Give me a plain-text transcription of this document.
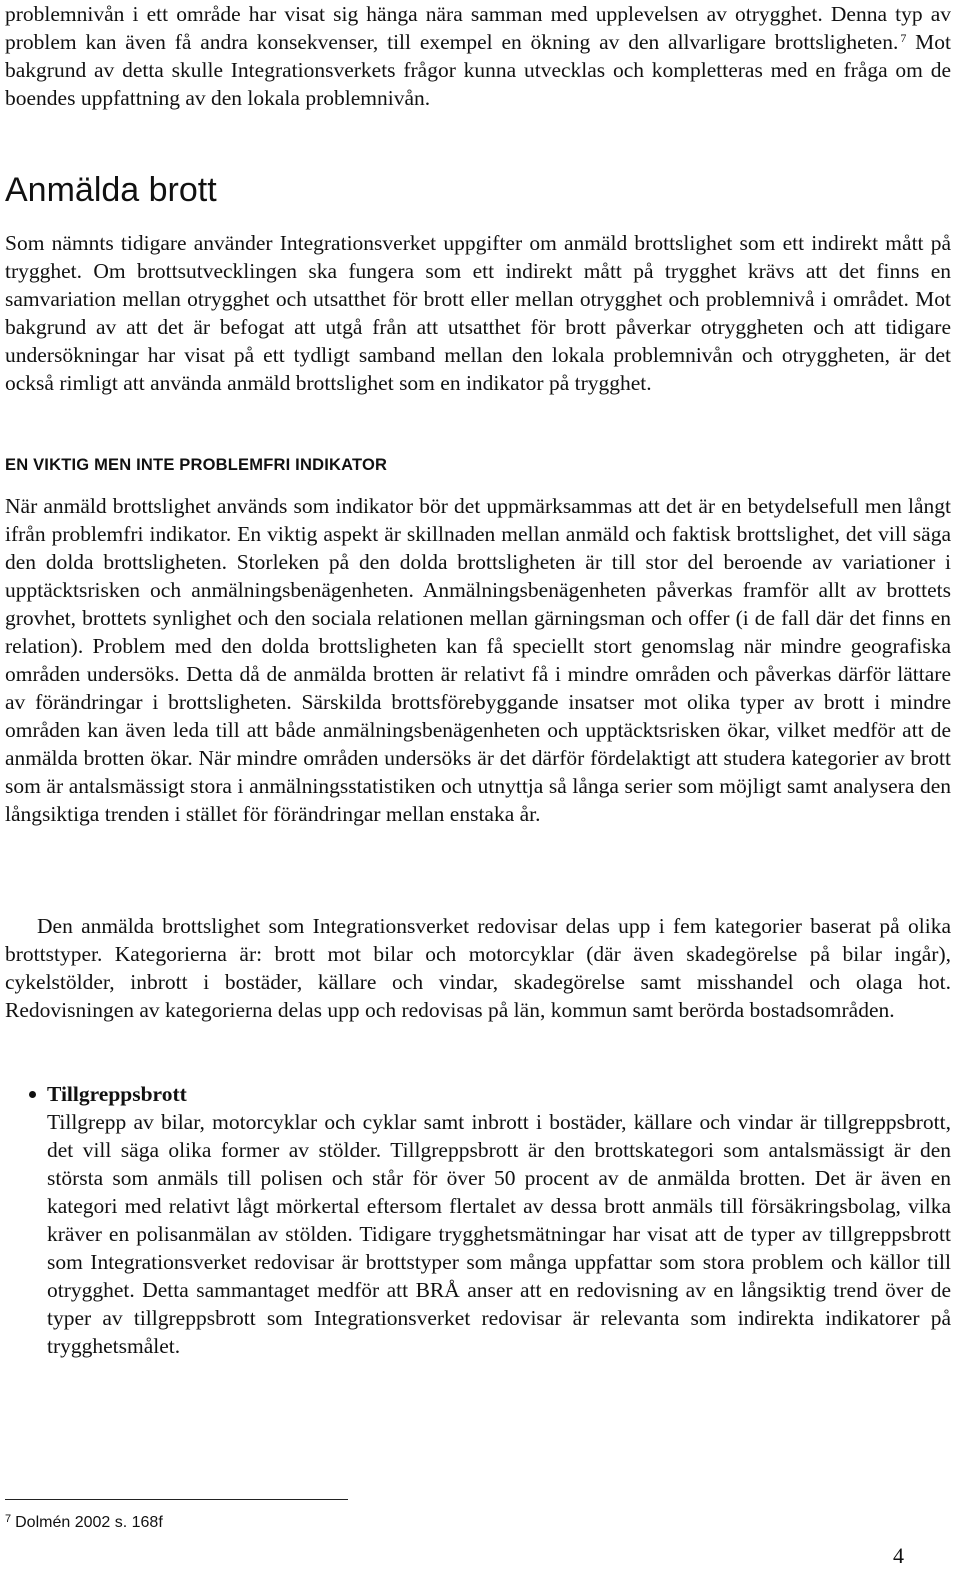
problemnivån i ett område har visat sig hänga nära samman med upplevelsen av otrygghet. Denna typ av problem kan även få andra konsekvenser, till exempel en ökning av den allvarligare brottsligheten. $^7$ Mot bakgrund av detta skulle Integrationsverkets frågor kunna utvecklas och kompletteras med en fråga om de boendes uppfattning av den lokala problemnivån.

Anmälda brott

Som nämnts tidigare använder Integrationsverket uppgifter om anmäld brottslighet som ett indirekt mått på trygghet. Om brottsutvecklingen ska fungera som ett indirekt mått på trygghet krävs att det finns en samvariation mellan otrygghet och utsatthet för brott eller mellan otrygghet och problemnivå i området. Mot bakgrund av att det är befogat att utgå från att utsatthet för brott påverkar otryggheten och att tidigare undersökningar har visat på ett tydligt samband mellan den lokala problemnivån och otryggheten, är det också rimligt att använda anmäld brottslighet som en indikator på trygghet.

EN VIKTIG MEN INTE PROBLEMFRI INDIKATOR

När anmäld brottslighet används som indikator bör det uppmärksammas att det är en betydelsefull men långt ifrån problemfri indikator. En viktig aspekt är skillnaden mellan anmäld och faktisk brottslighet, det vill säga den dolda brottsligheten. Storleken på den dolda brottsligheten är till stor del beroende av variationer i upptäcktsrisken och anmälningsbenägenheten. Anmälningsbenägenheten påverkas framför allt av brottets grovhet, brottets synlighet och den sociala relationen mellan gärningsman och offer (i de fall där det finns en relation). Problem med den dolda brottsligheten kan få speciellt stort genomslag när mindre geografiska områden undersöks. Detta då de anmälda brotten är relativt få i mindre områden och påverkas därför lättare av förändringar i brottsligheten. Särskilda brottsförebyggande insatser mot olika typer av brott i mindre områden kan även leda till att både anmälningsbenägenheten och upptäcktsrisken ökar, vilket medför att de anmälda brotten ökar. När mindre områden undersöks är det därför fördelaktigt att studera kategorier av brott som är antalsmässigt stora i anmälningsstatistiken och utnyttja så långa serier som möjligt samt analysera den långsiktiga trenden i stället för förändringar mellan enstaka år.

Den anmälda brottslighet som Integrationsverket redovisar delas upp i fem kategorier baserat på olika brottstyper. Kategorierna är: brott mot bilar och motorcyklar (där även skadegörelse på bilar ingår), cykelstölder, inbrott i bostäder, källare och vindar, skadegörelse samt misshandel och olaga hot. Redovisningen av kategorierna delas upp och redovisas på län, kommun samt berörda bostadsområden.

Tillgreppsbrott

Tillgrepp av bilar, motorcyklar och cyklar samt inbrott i bostäder, källare och vindar är tillgreppsbrott, det vill säga olika former av stölder. Tillgreppsbrott är den brottskategori som antalsmässigt är den största som anmäls till polisen och står för över 50 procent av de anmälda brotten. Det är även en kategori med relativt lågt mörkertal eftersom flertalet av dessa brott anmäls till försäkringsbolag, vilka kräver en polisanmälan av stölden. Tidigare trygghetsmätningar har visat att de typer av tillgreppsbrott som Integrationsverket redovisar är brottstyper som många uppfattar som stora problem och källor till otrygghet. Detta sammantaget medför att BRÅ anser att en redovisning av en långsiktig trend över de typer av tillgreppsbrott som Integrationsverket redovisar är relevanta som indirekta indikatorer på trygghetsmålet.

$^7$ Dolmén 2002 s. 168f
4
